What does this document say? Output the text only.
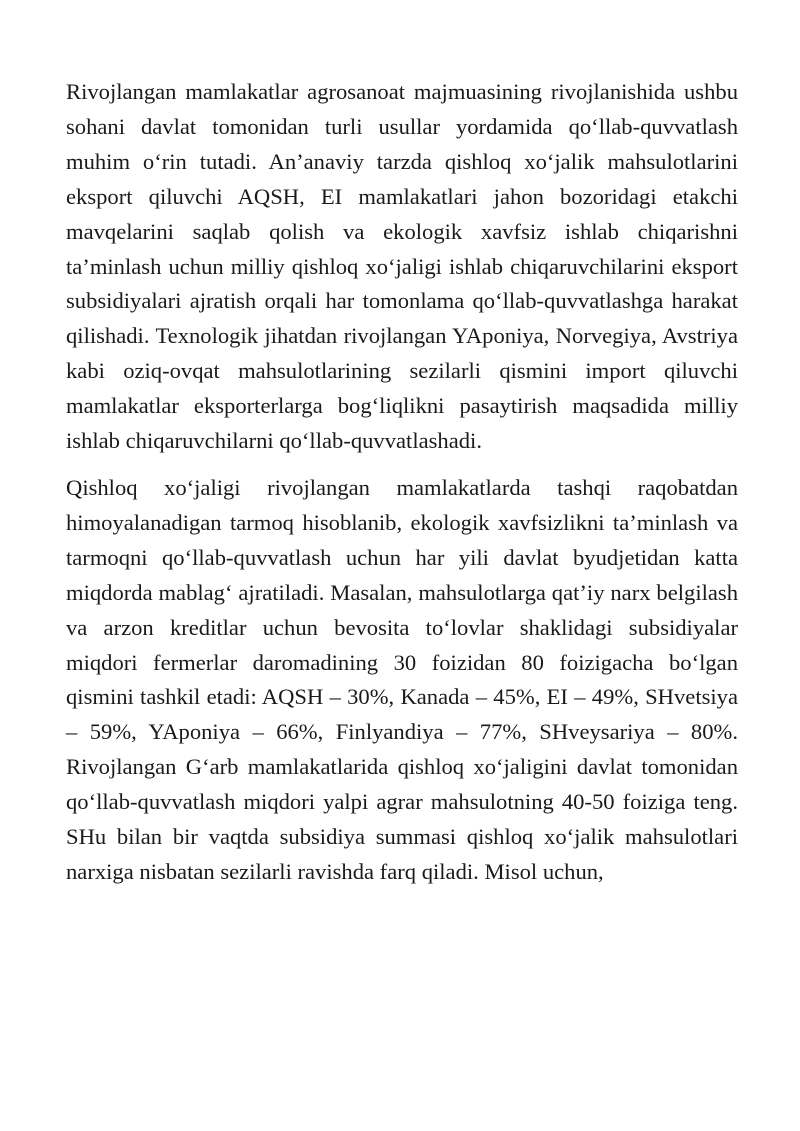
Rivojlangan mamlakatlar agrosanoat majmuasining rivojlanishida ushbu sohani davlat tomonidan turli usullar yordamida qo‘llab-quvvatlash muhim o‘rin tutadi. An’anaviy tarzda qishloq xo‘jalik mahsulotlarini eksport qiluvchi AQSH, EI mamlakatlari jahon bozoridagi etakchi mavqelarini saqlab qolish va ekologik xavfsiz ishlab chiqarishni ta’minlash uchun milliy qishloq xo‘jaligi ishlab chiqaruvchilarini eksport subsidiyalari ajratish orqali har tomonlama qo‘llab-quvvatlashga harakat qilishadi. Texnologik jihatdan rivojlangan YAponiya, Norvegiya, Avstriya kabi oziq-ovqat mahsulotlarining sezilarli qismini import qiluvchi mamlakatlar eksporterlarga bog‘liqlikni pasaytirish maqsadida milliy ishlab chiqaruvchilarni qo‘llab-quvvatlashadi.

Qishloq xo‘jaligi rivojlangan mamlakatlarda tashqi raqobatdan himoyalanadigan tarmoq hisoblanib, ekologik xavfsizlikni ta’minlash va tarmoqni qo‘llab-quvvatlash uchun har yili davlat byudjetidan katta miqdorda mablag‘ ajratiladi. Masalan, mahsulotlarga qat’iy narx belgilash va arzon kreditlar uchun bevosita to‘lovlar shaklidagi subsidiyalar miqdori fermerlar daromadining 30 foizidan 80 foizigacha bo‘lgan qismini tashkil etadi: AQSH – 30%, Kanada – 45%, EI – 49%, SHvetsiya – 59%, YAponiya – 66%, Finlyandiya – 77%, SHveysariya – 80%. Rivojlangan G‘arb mamlakatlarida qishloq xo‘jaligini davlat tomonidan qo‘llab-quvvatlash miqdori yalpi agrar mahsulotning 40-50 foiziga teng. SHu bilan bir vaqtda subsidiya summasi qishloq xo‘jalik mahsulotlari narxiga nisbatan sezilarli ravishda farq qiladi. Misol uchun,
